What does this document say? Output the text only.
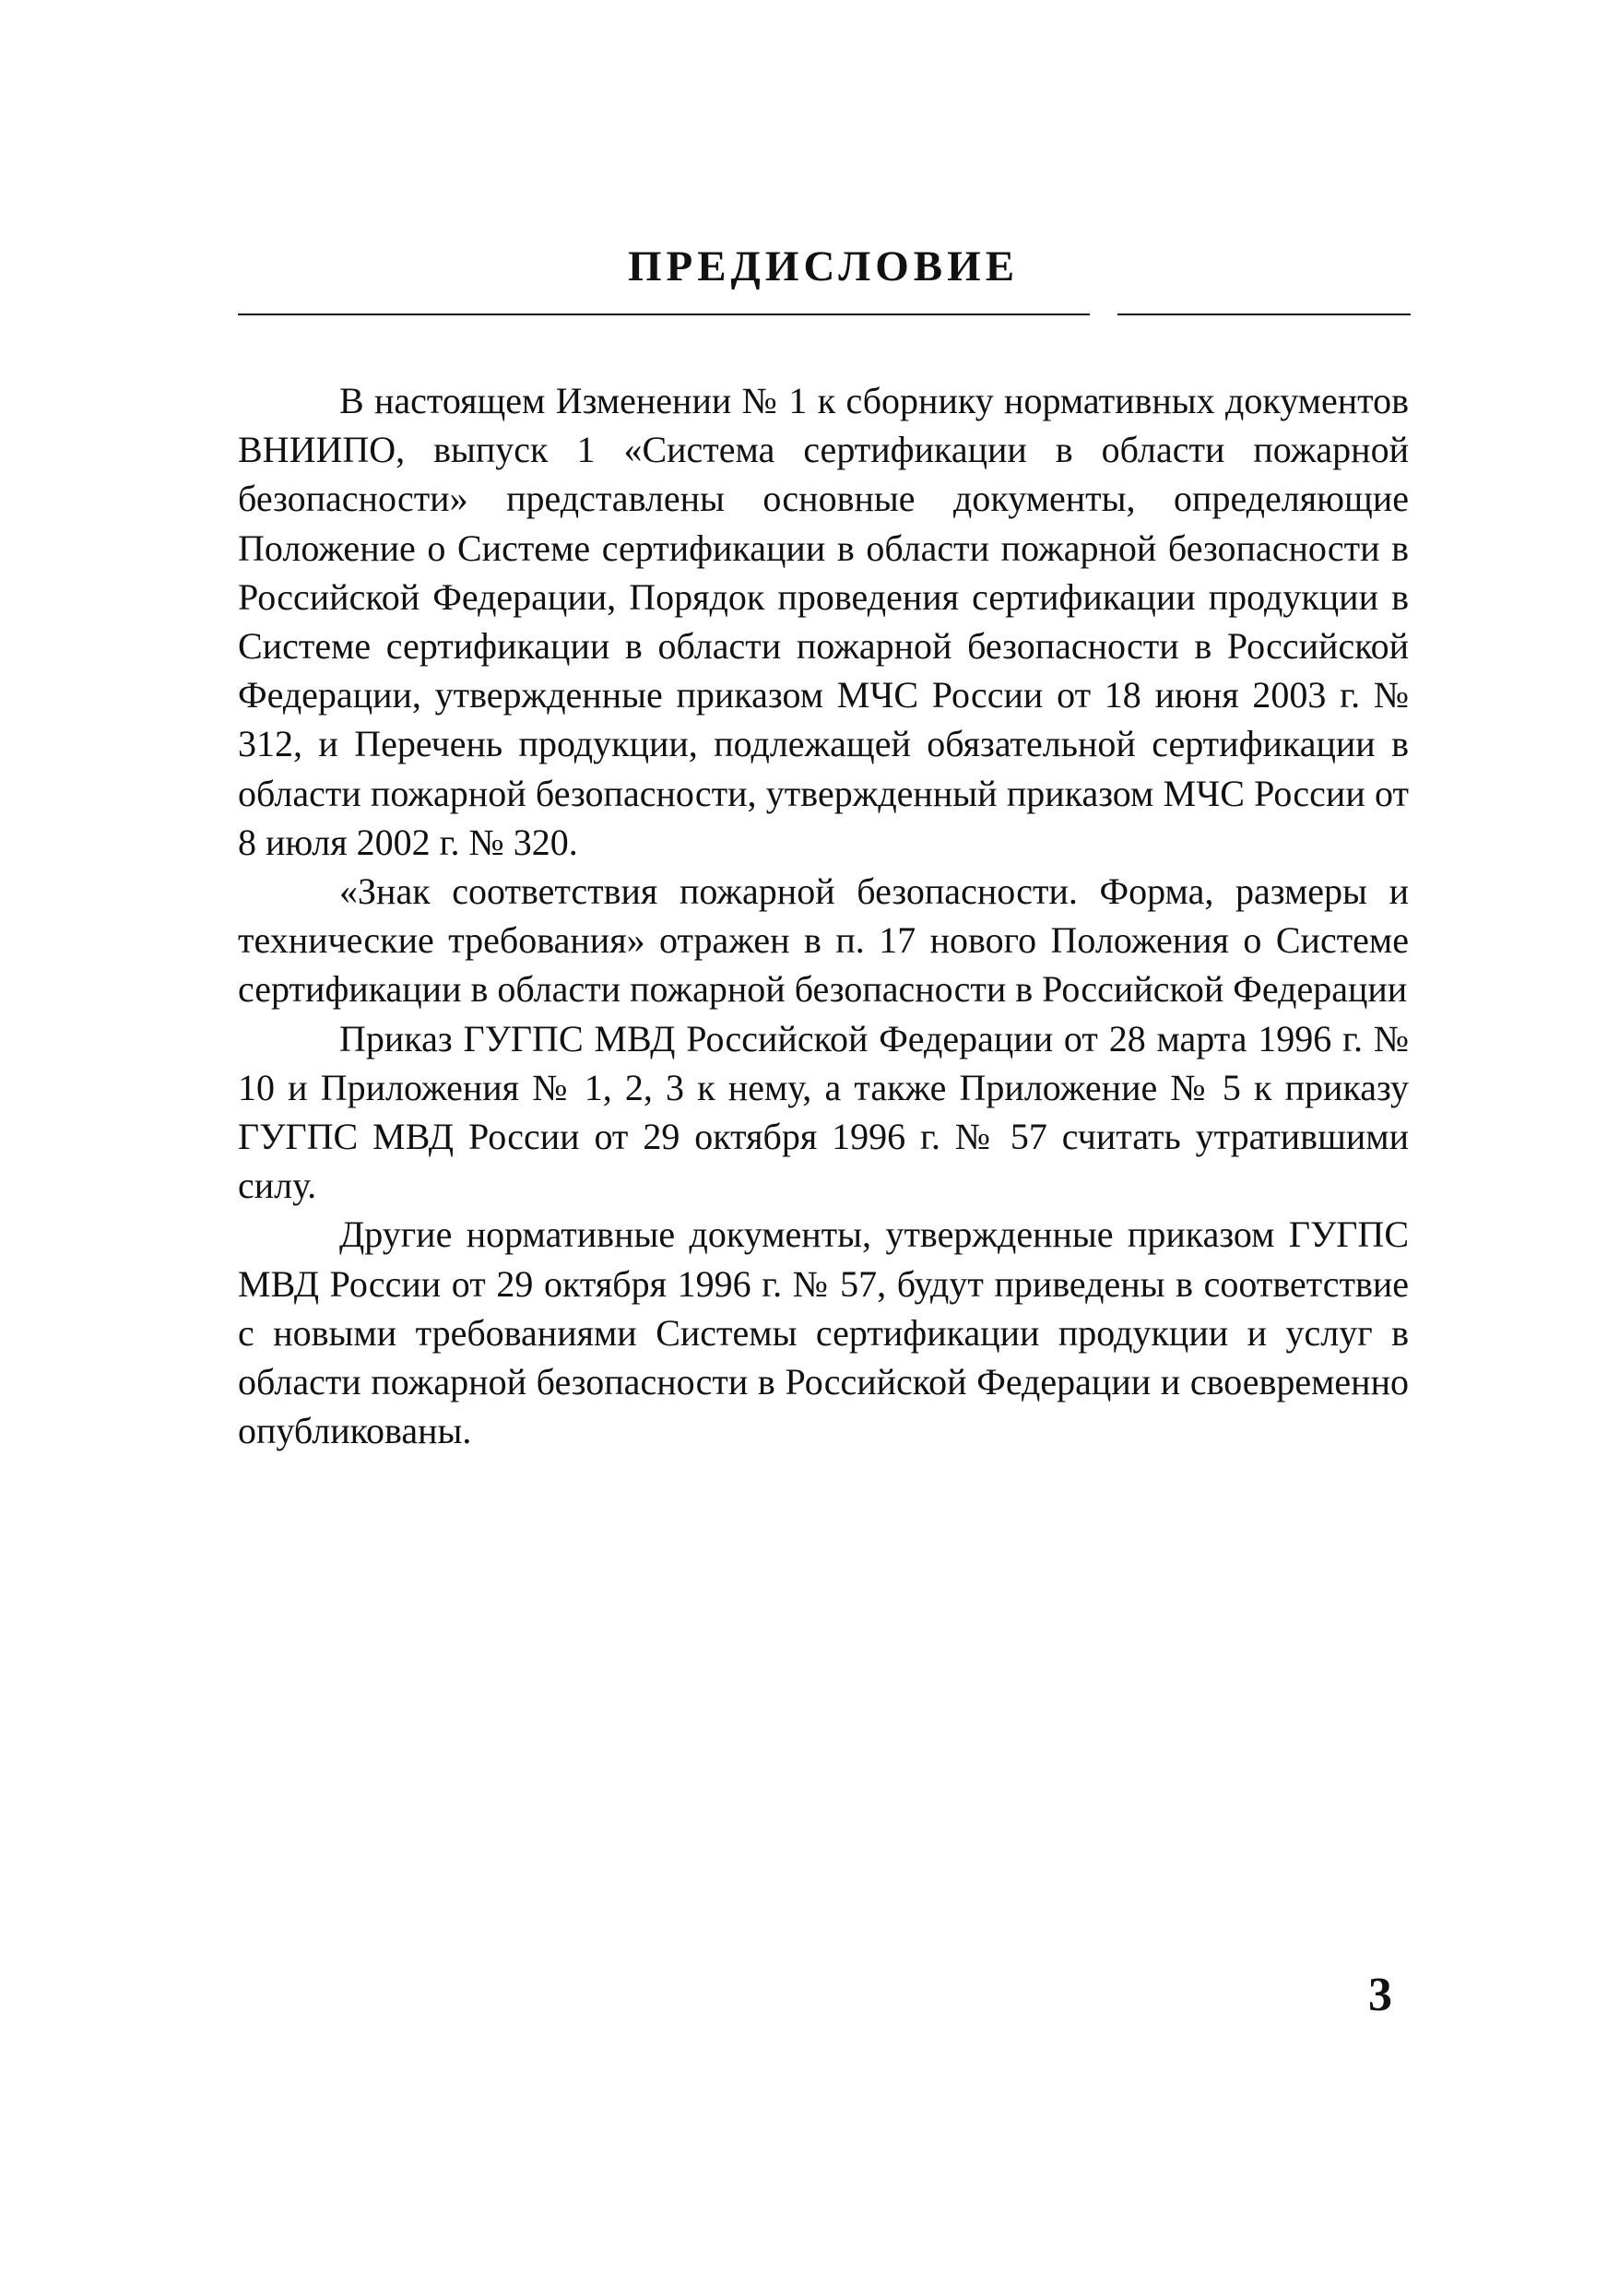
ПРЕДИСЛОВИЕ

В настоящем Изменении № 1 к сборнику нормативных документов ВНИИПО, выпуск 1 «Система сертификации в области пожарной безопасности» представлены основные документы, определяющие Положение о Системе сертификации в области пожарной безопасности в Российской Федерации, Порядок проведения сертификации продукции в Системе сертификации в области пожарной безопасности в Российской Федерации, утвержденные приказом МЧС России от 18 июня 2003 г. № 312, и Перечень продукции, подлежащей обязательной сертификации в области пожарной безопасности, утвержденный приказом МЧС России от 8 июля 2002 г. № 320.

«Знак соответствия пожарной безопасности. Форма, размеры и технические требования» отражен в п. 17 нового Положения о Системе сертификации в области пожарной безопасности в Российской Федерации

Приказ ГУГПС МВД Российской Федерации от 28 марта 1996 г. № 10 и Приложения № 1, 2, 3 к нему, а также Приложение № 5 к приказу ГУГПС МВД России от 29 октября 1996 г. № 57 считать утратившими силу.

Другие нормативные документы, утвержденные приказом ГУГПС МВД России от 29 октября 1996 г. № 57, будут приведены в соответствие с новыми требованиями Системы сертификации продукции и услуг в области пожарной безопасности в Российской Федерации и своевременно опубликованы.

3
